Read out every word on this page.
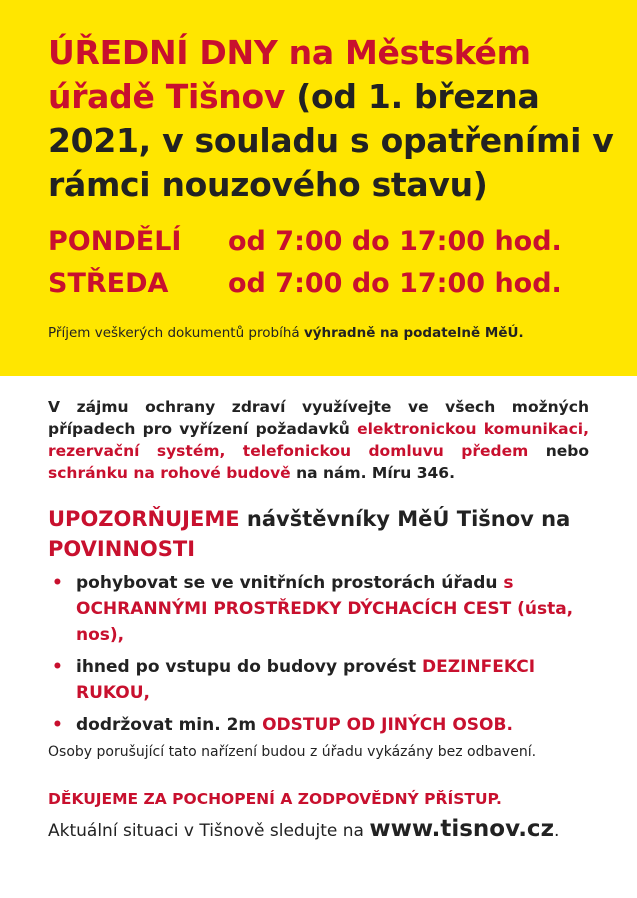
ÚŘEDNÍ DNY na Městském úřadě Tišnov (od 1. března 2021, v souladu s opatřeními v rámci nouzového stavu)
PONDĚLÍ	od 7:00 do 17:00 hod.
STŘEDA	od 7:00 do 17:00 hod.
Příjem veškerých dokumentů probíhá výhradně na podatelně MěÚ.

V zájmu ochrany zdraví využívejte ve všech možných případech pro vyřízení požadavků elektronickou komunikaci, rezervační systém, telefonickou domluvu předem nebo schránku na rohové budově na nám. Míru 346.

UPOZORŇUJEME návštěvníky MěÚ Tišnov na POVINNOSTI
• pohybovat se ve vnitřních prostorách úřadu s OCHRANNÝMI PROSTŘEDKY DÝCHACÍCH CEST (ústa, nos),
• ihned po vstupu do budovy provést DEZINFEKCI RUKOU,
• dodržovat min. 2m ODSTUP OD JINÝCH OSOB.
Osoby porušující tato nařízení budou z úřadu vykázány bez odbavení.
DĚKUJEME ZA POCHOPENÍ A ZODPOVĚDNÝ PŘÍSTUP.
Aktuální situaci v Tišnově sledujte na www.tisnov.cz.
